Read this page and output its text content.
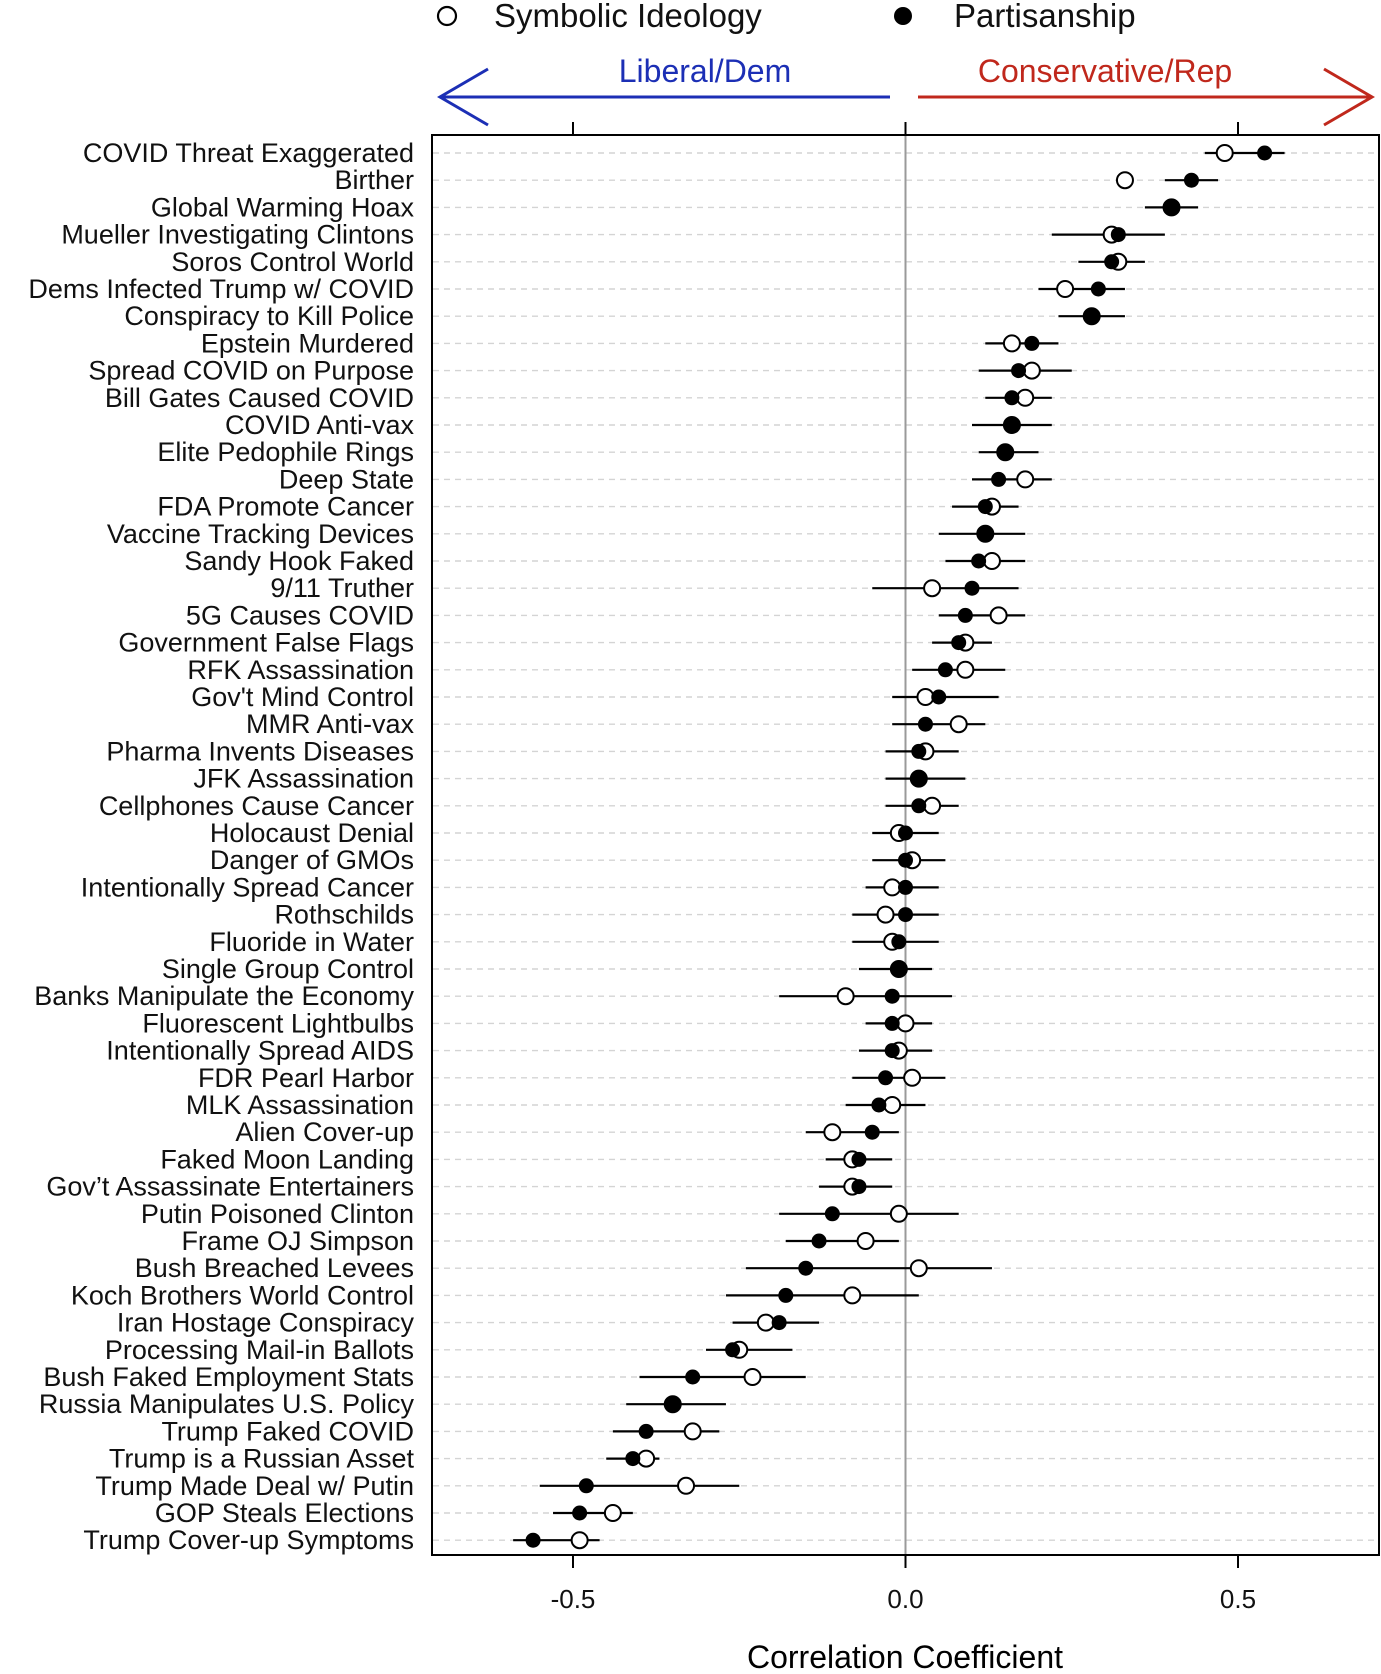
Symbolic Ideology	Partisanship
Liberal/Dem	Conservative/Rep
-0.5	0.0	0.5
COVID Threat Exaggerated
Birther
Global Warming Hoax
Mueller Investigating Clintons
Soros Control World
Dems Infected Trump w/ COVID
Conspiracy to Kill Police
Epstein Murdered
Spread COVID on Purpose
Bill Gates Caused COVID
COVID Anti-vax
Elite Pedophile Rings
Deep State
FDA Promote Cancer
Vaccine Tracking Devices
Sandy Hook Faked
9/11 Truther
5G Causes COVID
Government False Flags
RFK Assassination
Gov't Mind Control
MMR Anti-vax
Pharma Invents Diseases
JFK Assassination
Cellphones Cause Cancer
Holocaust Denial
Danger of GMOs
Intentionally Spread Cancer
Rothschilds
Fluoride in Water
Single Group Control
Banks Manipulate the Economy
Fluorescent Lightbulbs
Intentionally Spread AIDS
FDR Pearl Harbor
MLK Assassination
Alien Cover-up
Faked Moon Landing
Gov’t Assassinate Entertainers
Putin Poisoned Clinton
Frame OJ Simpson
Bush Breached Levees
Koch Brothers World Control
Iran Hostage Conspiracy
Processing Mail-in Ballots
Bush Faked Employment Stats
Russia Manipulates U.S. Policy
Trump Faked COVID
Trump is a Russian Asset
Trump Made Deal w/ Putin
GOP Steals Elections
Trump Cover-up Symptoms
Correlation Coefficient
